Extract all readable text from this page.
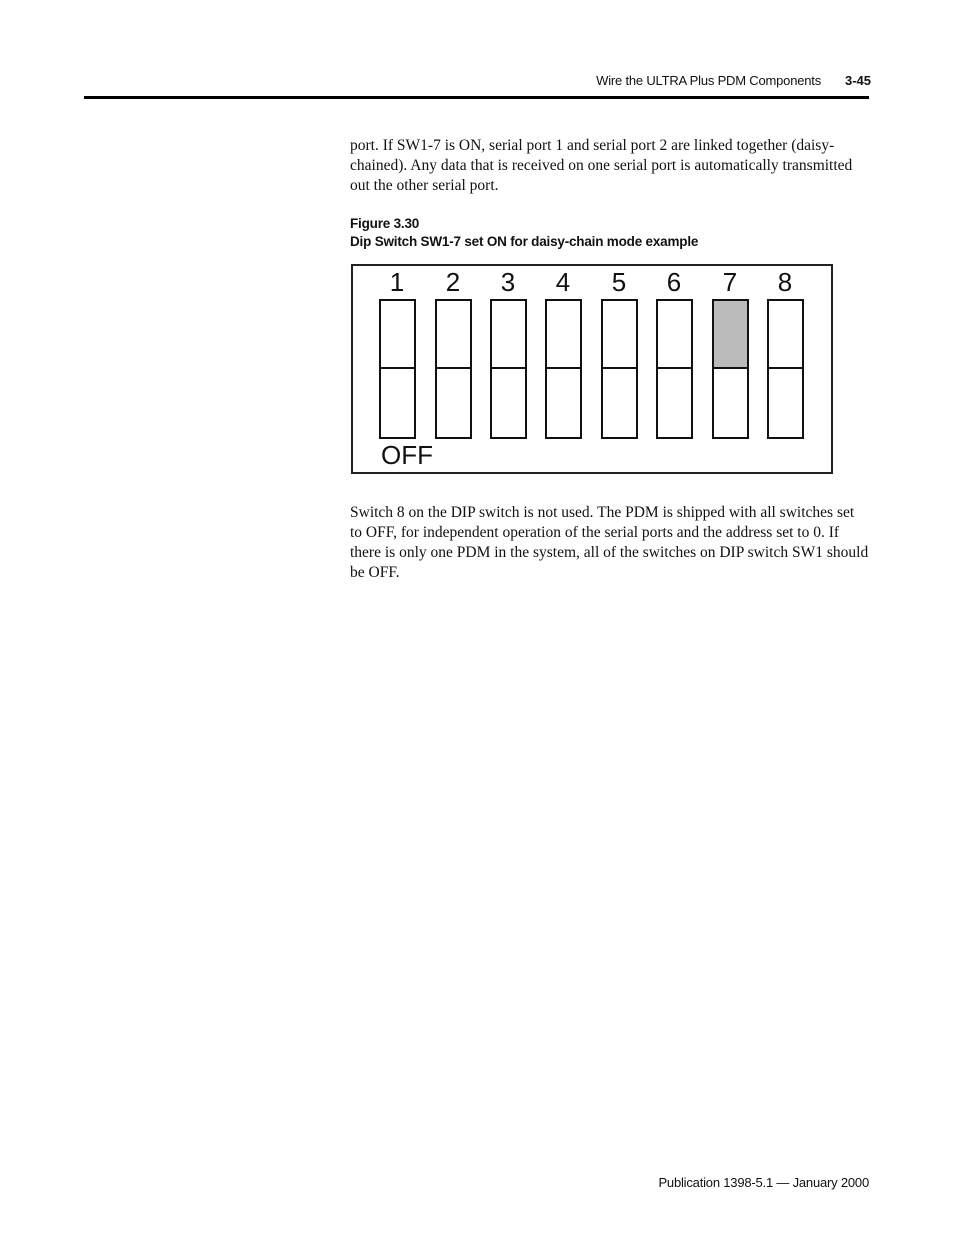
Wire the ULTRA Plus PDM Components 3-45

port. If SW1-7 is ON, serial port 1 and serial port 2 are linked together (daisy-chained). Any data that is received on one serial port is automatically transmitted out the other serial port.

Figure 3.30
Dip Switch SW1-7 set ON for daisy-chain mode example
1	2	3	4	5	6	7	8
OFF

Switch 8 on the DIP switch is not used. The PDM is shipped with all switches set to OFF, for independent operation of the serial ports and the address set to 0. If there is only one PDM in the system, all of the switches on DIP switch SW1 should be OFF.

Publication 1398-5.1 — January 2000
